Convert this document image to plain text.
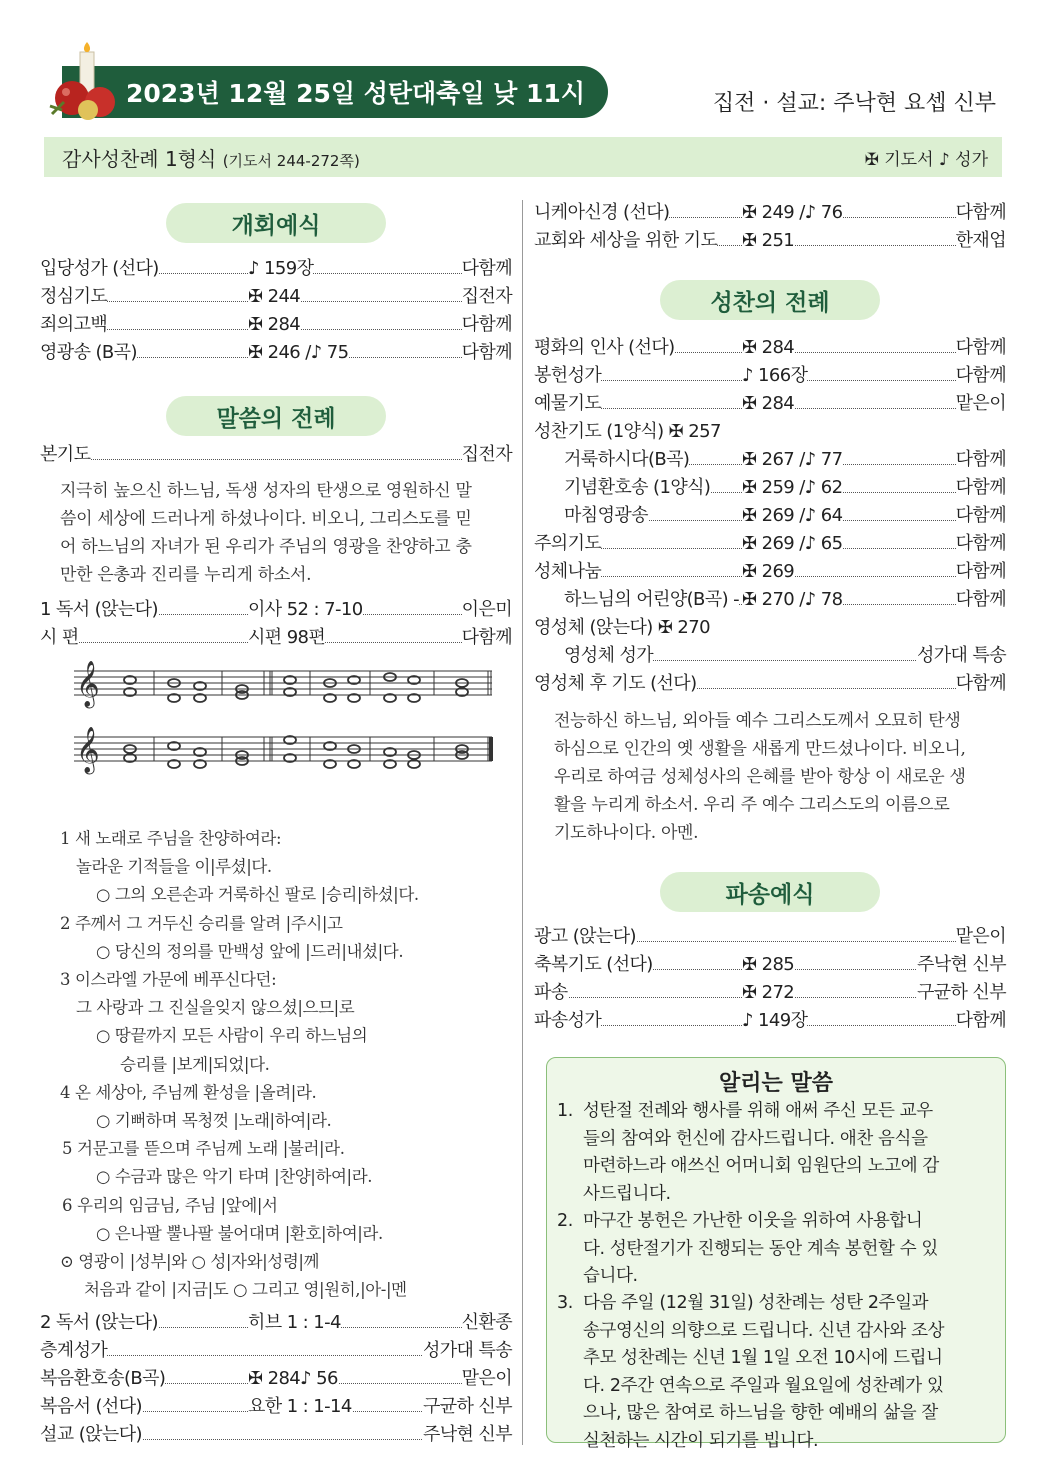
2023년 12월 25일 성탄대축일 낮 11시	집전 · 설교: 주낙현 요셉 신부
감사성찬례 1형식 (기도서 244-272쪽)	✠ 기도서 ♪ 성가
개회예식
입당성가 (선다)	♪ 159장	다함께
정심기도	✠ 244	집전자
죄의고백	✠ 284	다함께
영광송 (B곡)	✠ 246 /♪ 75	다함께
말씀의 전례
본기도	집전자
지극히 높으신 하느님, 독생 성자의 탄생으로 영원하신 말
씀이 세상에 드러나게 하셨나이다. 비오니, 그리스도를 믿
어 하느님의 자녀가 된 우리가 주님의 영광을 찬양하고 충
만한 은총과 진리를 누리게 하소서.
1 독서 (앉는다)	이사 52 : 7-10	이은미
시 편	시편 98편	다함께
𝄞
𝄞
1 새 노래로 주님을 찬양하여라:
놀라운 기적들을 이|루셨|다.
○ 그의 오른손과 거룩하신 팔로 |승리|하셨|다.
2 주께서 그 거두신 승리를 알려 |주시|고
○ 당신의 정의를 만백성 앞에 |드러|내셨|다.
3 이스라엘 가문에 베푸신다던:
그 사랑과 그 진실을잊지 않으셨|으므|로
○ 땅끝까지 모든 사람이 우리 하느님의
승리를 |보게|되었|다.
4 온 세상아, 주님께 환성을 |올려|라.
○ 기뻐하며 목청껏 |노래|하여|라.
5 거문고를 뜯으며 주님께 노래 |불러|라.
○ 수금과 많은 악기 타며 |찬양|하여|라.
6 우리의 임금님, 주님 |앞에|서
○ 은나팔 뿔나팔 불어대며 |환호|하여|라.
⊙ 영광이 |성부|와 ○ 성|자와|성령|께
처음과 같이 |지금|도 ○ 그리고 영|원히,|아-|멘
2 독서 (앉는다)	히브 1 : 1-4	신환종
층계성가	성가대 특송
복음환호송(B곡)	✠ 284♪ 56	맡은이
복음서 (선다)	요한 1 : 1-14	구균하 신부
설교 (앉는다)	주낙현 신부
니케아신경 (선다)	✠ 249 /♪ 76	다함께
교회와 세상을 위한 기도 ✠ 251	한재업
성찬의 전례
평화의 인사 (선다)	✠ 284	다함께
봉헌성가	♪ 166장	다함께
예물기도	✠ 284	맡은이
성찬기도 (1양식) ✠ 257
거룩하시다(B곡)	✠ 267 /♪ 77	다함께
기념환호송 (1양식) ✠ 259 /♪ 62	다함께
마침영광송	✠ 269 /♪ 64	다함께
주의기도	✠ 269 /♪ 65	다함께
성체나눔	✠ 269	다함께
하느님의 어린양(B곡) - ✠ 270 /♪ 78	다함께
영성체 (앉는다) ✠ 270
영성체 성가	성가대 특송
영성체 후 기도 (선다)	다함께
전능하신 하느님, 외아들 예수 그리스도께서 오묘히 탄생
하심으로 인간의 옛 생활을 새롭게 만드셨나이다. 비오니,
우리로 하여금 성체성사의 은혜를 받아 항상 이 새로운 생
활을 누리게 하소서. 우리 주 예수 그리스도의 이름으로
기도하나이다. 아멘.
파송예식
광고 (앉는다)	맡은이
축복기도 (선다)	✠ 285	주낙현 신부
파송	✠ 272	구균하 신부
파송성가	♪ 149장	다함께
알리는 말씀
1. 성탄절 전례와 행사를 위해 애써 주신 모든 교우
들의 참여와 헌신에 감사드립니다. 애찬 음식을
마련하느라 애쓰신 어머니회 임원단의 노고에 감
사드립니다.
2. 마구간 봉헌은 가난한 이웃을 위하여 사용합니
다. 성탄절기가 진행되는 동안 계속 봉헌할 수 있
습니다.
3. 다음 주일 (12월 31일) 성찬례는 성탄 2주일과
송구영신의 의향으로 드립니다. 신년 감사와 조상
추모 성찬례는 신년 1월 1일 오전 10시에 드립니
다. 2주간 연속으로 주일과 월요일에 성찬례가 있
으나, 많은 참여로 하느님을 향한 예배의 삶을 잘
실천하는 시간이 되기를 빕니다.
